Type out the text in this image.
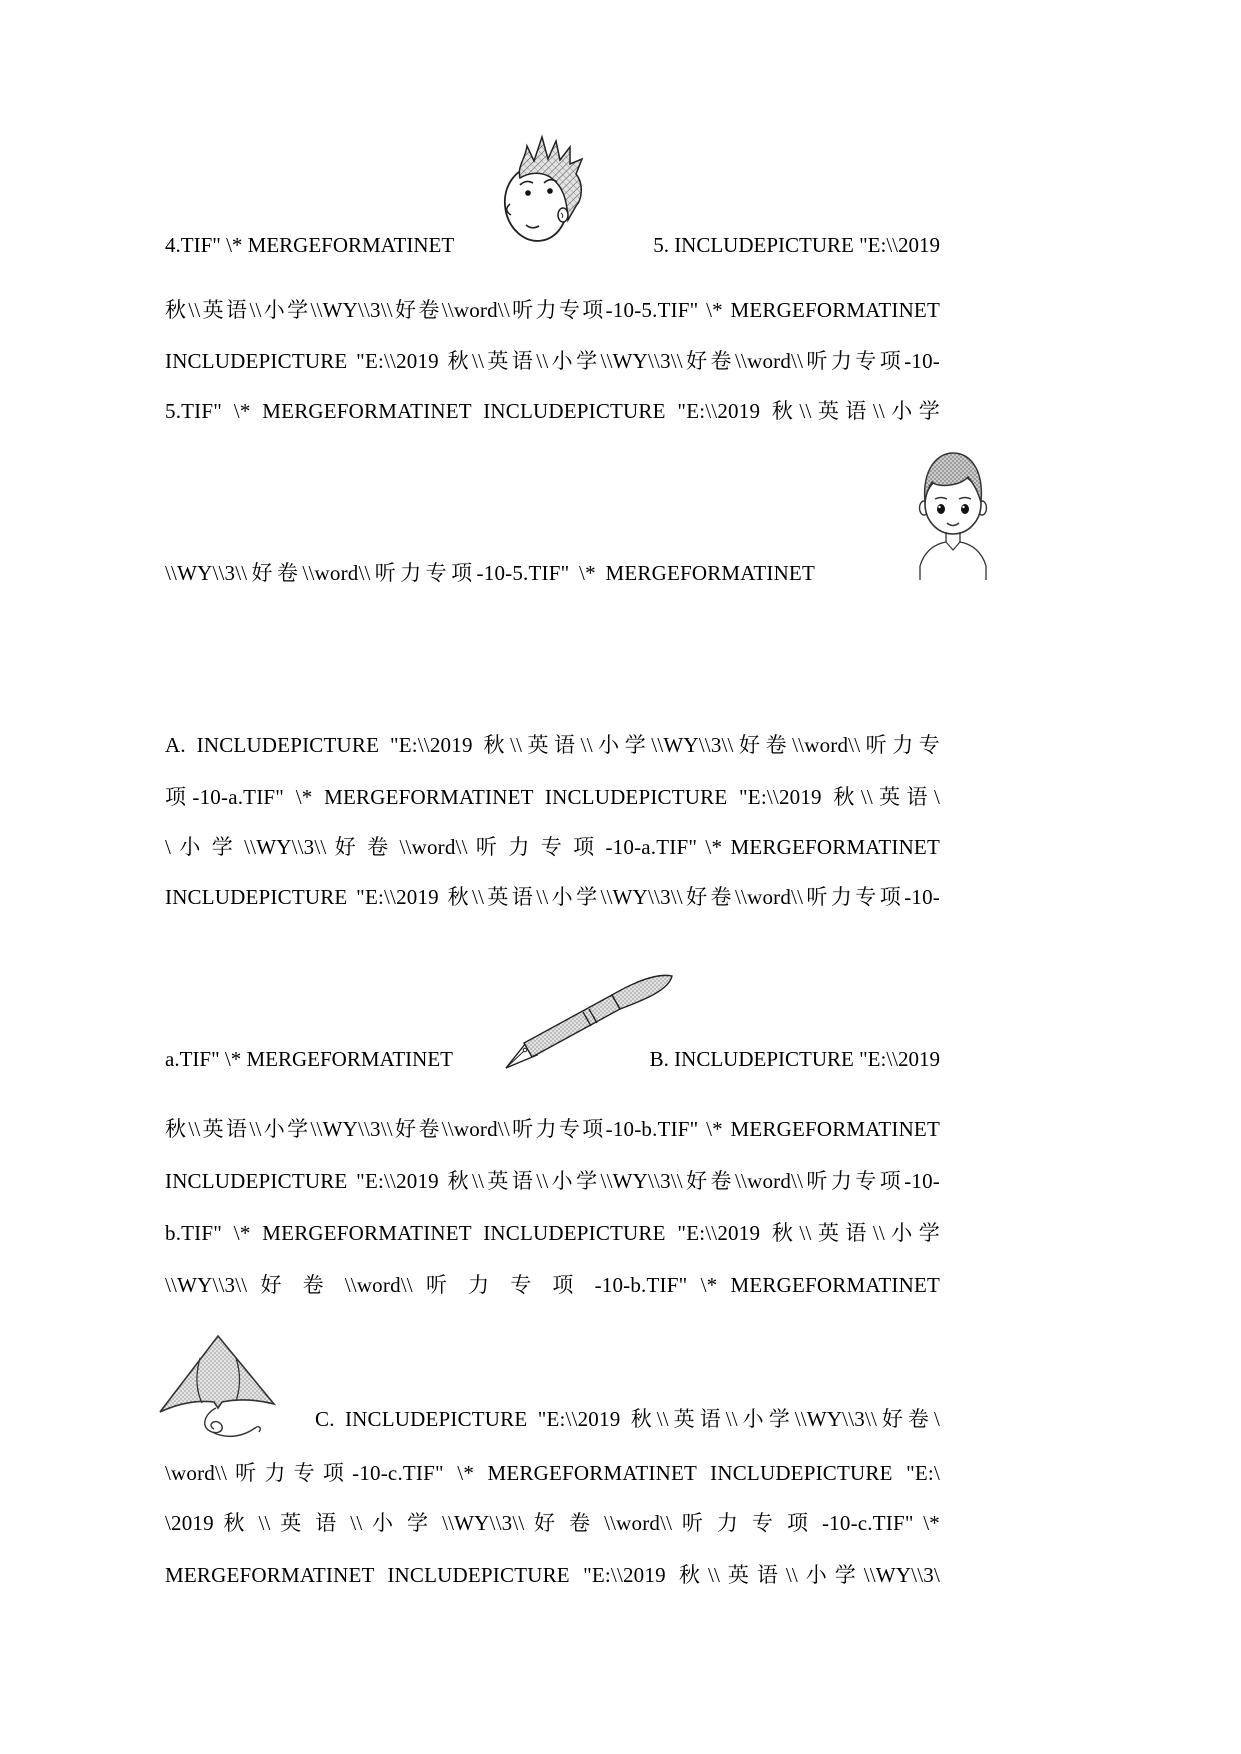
4.TIF" \* MERGEFORMATINET	5. INCLUDEPICTURE "E:\\2019
秋\\英语\\小学\\WY\\3\\好卷\\word\\听力专项-10-5.TIF" \* MERGEFORMATINET
INCLUDEPICTURE "E:\\2019 秋\\英语\\小学\\WY\\3\\好卷\\word\\听力专项-10-
5.TIF" \* MERGEFORMATINET INCLUDEPICTURE "E:\\2019 秋\\英语\\小学
\\WY\\3\\好卷\\word\\听力专项-10-5.TIF" \* MERGEFORMATINET
A. INCLUDEPICTURE "E:\\2019 秋\\英语\\小学\\WY\\3\\好卷\\word\\听力专
项-10-a.TIF" \* MERGEFORMATINET INCLUDEPICTURE "E:\\2019 秋\\英语\
\ 小 学 \\WY\\3\\ 好 卷 \\word\\ 听 力 专 项 -10-a.TIF" \* MERGEFORMATINET
INCLUDEPICTURE "E:\\2019 秋\\英语\\小学\\WY\\3\\好卷\\word\\听力专项-10-
a.TIF" \* MERGEFORMATINET	B. INCLUDEPICTURE "E:\\2019
秋\\英语\\小学\\WY\\3\\好卷\\word\\听力专项-10-b.TIF" \* MERGEFORMATINET
INCLUDEPICTURE "E:\\2019 秋\\英语\\小学\\WY\\3\\好卷\\word\\听力专项-10-
b.TIF" \* MERGEFORMATINET INCLUDEPICTURE "E:\\2019 秋\\英语\\小学
\\WY\\3\\ 好 卷 \\word\\ 听 力 专 项 -10-b.TIF" \* MERGEFORMATINET
C. INCLUDEPICTURE "E:\\2019 秋\\英语\\小学\\WY\\3\\好卷\
\word\\听力专项-10-c.TIF" \* MERGEFORMATINET INCLUDEPICTURE "E:\
\2019 秋 \\ 英 语 \\ 小 学 \\WY\\3\\ 好 卷 \\word\\ 听 力 专 项 -10-c.TIF" \*
MERGEFORMATINET INCLUDEPICTURE "E:\\2019 秋\\英语\\小学\\WY\\3\
